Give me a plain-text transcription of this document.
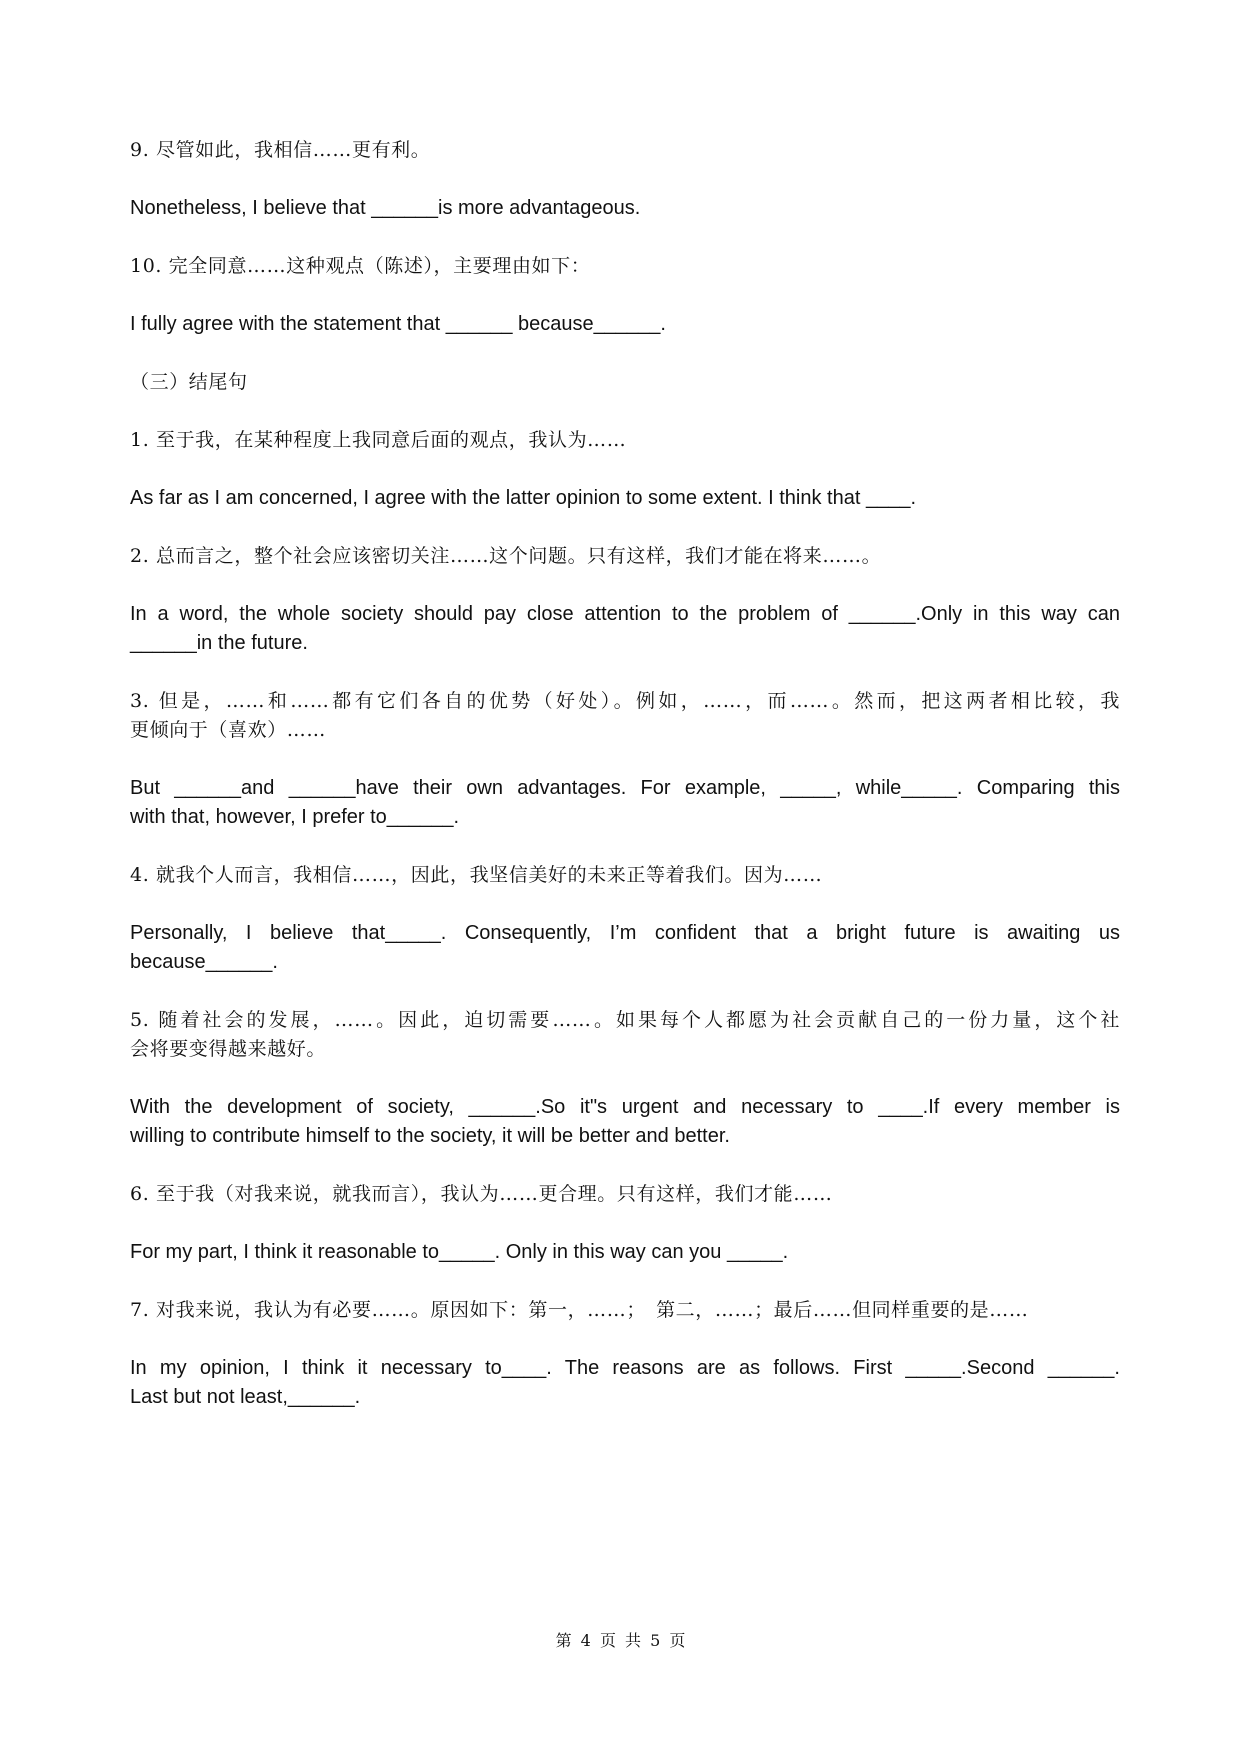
9. 尽管如此，我相信……更有利。

Nonetheless, I believe that ______is more advantageous.

10. 完全同意……这种观点（陈述），主要理由如下：

I fully agree with the statement that ______ because______.

（三）结尾句

1. 至于我，在某种程度上我同意后面的观点，我认为……

As far as I am concerned, I agree with the latter opinion to some extent. I think that ____.

2. 总而言之，整个社会应该密切关注……这个问题。只有这样，我们才能在将来……。

In a word, the whole society should pay close attention to the problem of ______.Only in this way can

______in the future.

3. 但是，……和……都有它们各自的优势（好处）。例如，……，而……。然而，把这两者相比较，我

更倾向于（喜欢）……

But ______and ______have their own advantages. For example, _____, while_____. Comparing this

with that, however, I prefer to______.

4. 就我个人而言，我相信……，因此，我坚信美好的未来正等着我们。因为……

Personally, I believe that_____. Consequently, I’m confident that a bright future is awaiting us

because______.

5. 随着社会的发展，……。因此，迫切需要……。如果每个人都愿为社会贡献自己的一份力量，这个社

会将要变得越来越好。

With the development of society, ______.So it"s urgent and necessary to ____.If every member is

willing to contribute himself to the society, it will be better and better.

6. 至于我（对我来说，就我而言），我认为……更合理。只有这样，我们才能……

For my part, I think it reasonable to_____. Only in this way can you _____.

7. 对我来说，我认为有必要……。原因如下：第一，……；　第二，……；最后……但同样重要的是……

In my opinion, I think it necessary to____. The reasons are as follows. First _____.Second ______.

Last but not least,______.

第 4 页 共 5 页
